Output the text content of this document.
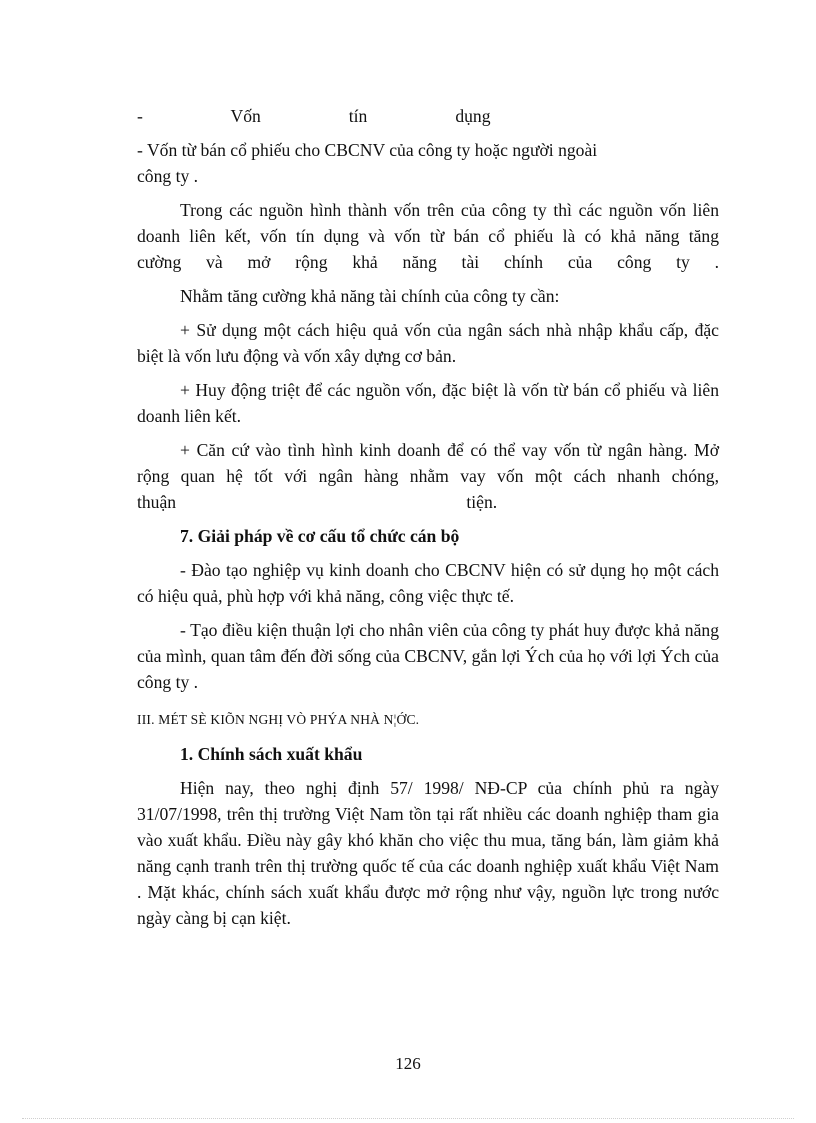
-                    Vốn                    tín                    dụng

- Vốn từ bán cổ phiếu cho CBCNV của công ty hoặc người ngoài

công ty .

Trong các nguồn hình thành vốn trên của công ty thì các nguồn vốn liên doanh liên kết, vốn tín dụng và vốn từ bán cổ phiếu là có khả năng tăng

cường và mở rộng khả năng tài chính của công ty .

Nhằm tăng cường khả năng tài chính của công ty cần:

+ Sử dụng một cách hiệu quả vốn của ngân sách nhà nhập khẩu cấp, đặc biệt là vốn lưu động và vốn xây dựng cơ bản.

+ Huy động triệt để các nguồn vốn, đặc biệt là vốn từ bán cổ phiếu và liên doanh liên kết.

+ Căn cứ vào tình hình kinh doanh để có thể vay vốn từ ngân hàng. Mở rộng quan hệ tốt với ngân hàng nhằm vay vốn một cách nhanh chóng,

thuận                                                                  tiện.

7. Giải pháp về cơ cấu tổ chức cán bộ

- Đào tạo nghiệp vụ kinh doanh cho CBCNV hiện có sử dụng họ một cách có hiệu quả, phù hợp với khả năng, công việc thực tế.

- Tạo điều kiện thuận lợi cho nhân viên của công ty phát huy được khả năng của mình, quan tâm đến đời sống của CBCNV, gắn lợi Ých của họ với lợi Ých của công ty .

III. MÉT SÈ KIÕN NGHỊ VÒ PHÝA NHÀ N¦ỚC.

1. Chính sách xuất khẩu

Hiện nay, theo nghị định 57/ 1998/ NĐ-CP của chính phủ ra ngày 31/07/1998, trên thị trường Việt Nam tồn tại rất nhiều các doanh nghiệp tham gia vào xuất khẩu. Điều này gây khó khăn cho việc thu mua, tăng bán, làm giảm khả năng cạnh tranh trên thị trường quốc tế của các doanh nghiệp xuất khẩu Việt Nam . Mặt khác, chính sách xuất khẩu được mở rộng như vậy, nguồn lực trong nước ngày càng bị cạn kiệt.

126
